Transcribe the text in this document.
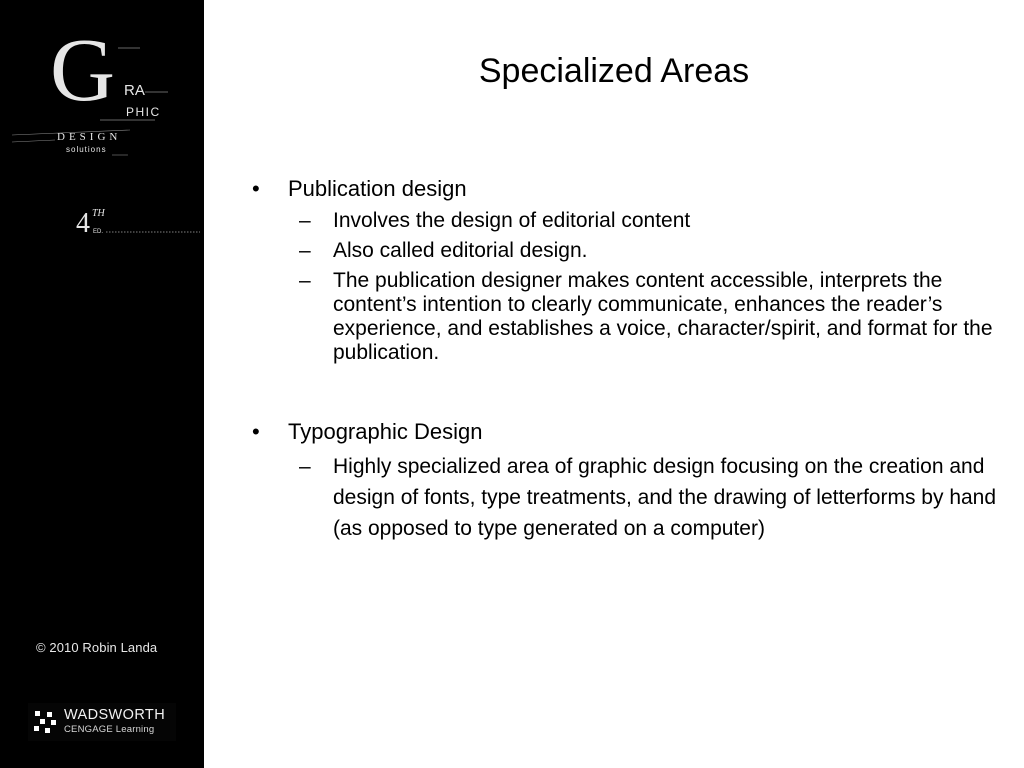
G RA
PHIC
DESIGN
solutions
4 TH
ED.
© 2010 Robin Landa
WADSWORTH
CENGAGE Learning
Specialized Areas
• Publication design
– Involves the design of editorial content
– Also called editorial design.
– The publication designer makes content accessible, interprets the content’s intention to clearly communicate, enhances the reader’s experience, and establishes a voice, character/spirit, and format for the publication.
• Typographic Design
– Highly specialized area of graphic design focusing on the creation and design of fonts, type treatments, and the drawing of letterforms by hand (as opposed to type generated on a computer)
